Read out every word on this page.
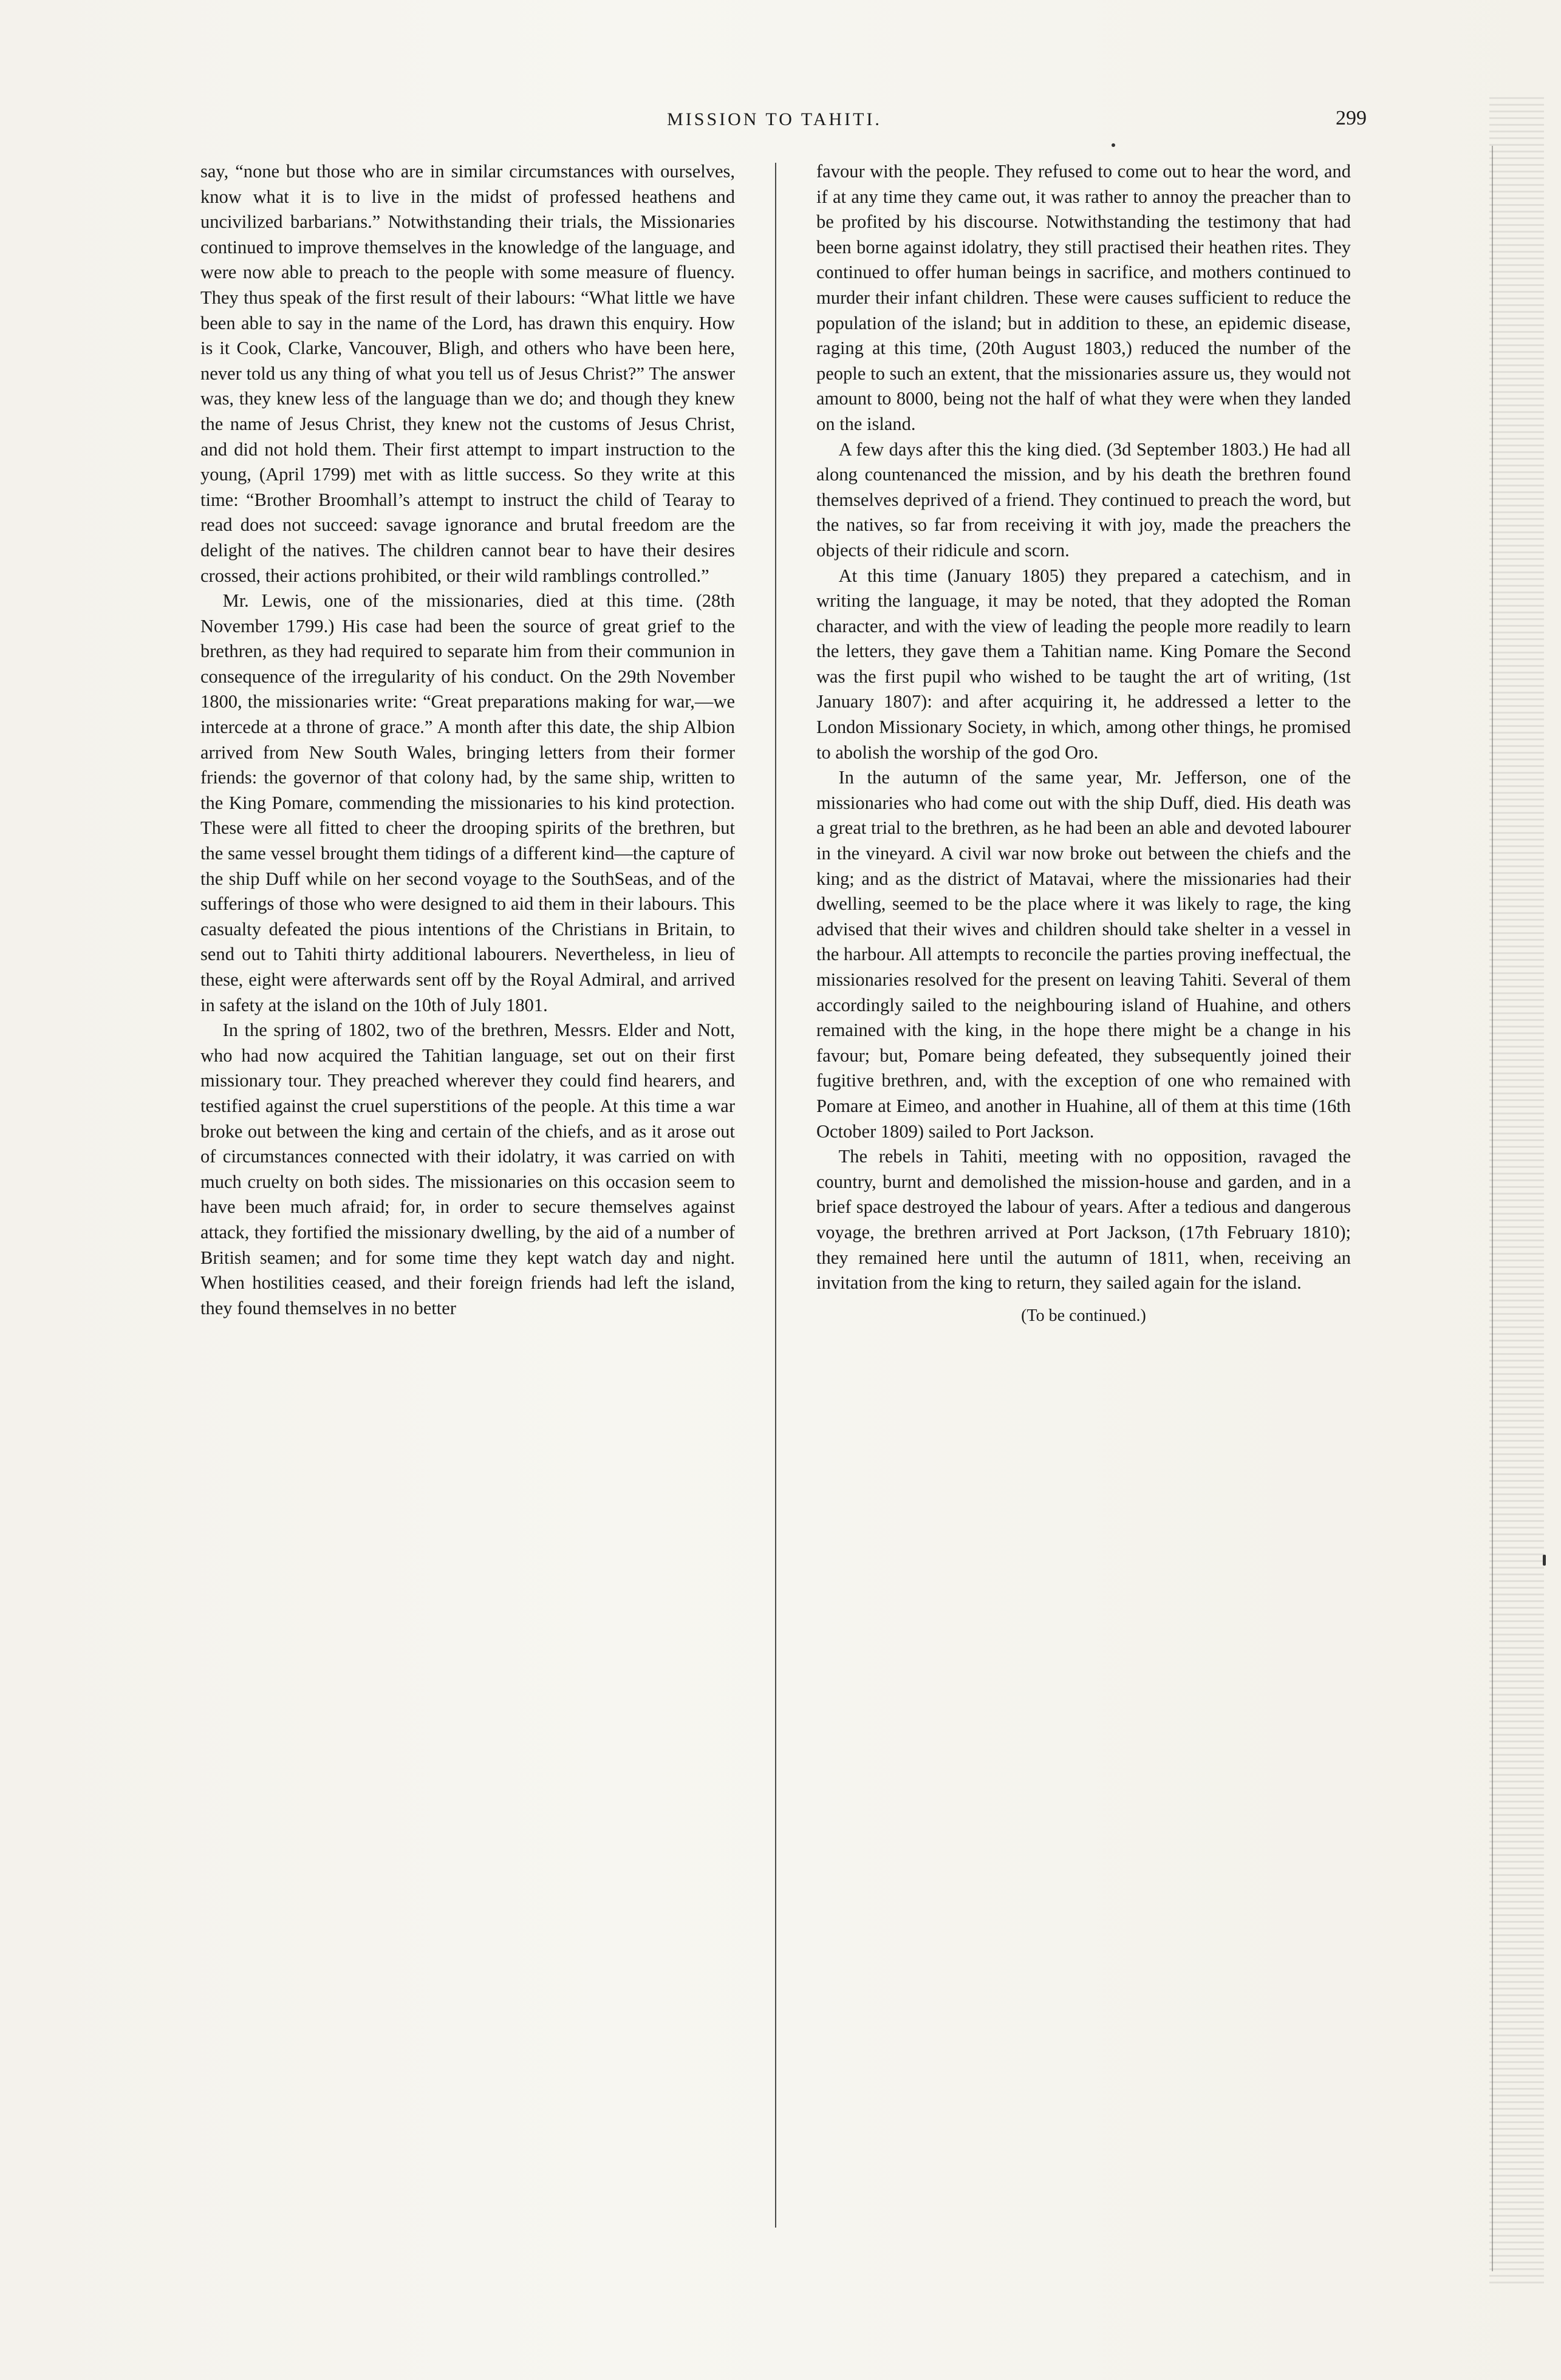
MISSION TO TAHITI.	299

say, “none but those who are in similar circumstances with ourselves, know what it is to live in the midst of professed heathens and uncivilized barbarians.” Notwithstanding their trials, the Missionaries continued to improve themselves in the knowledge of the language, and were now able to preach to the people with some measure of fluency. They thus speak of the first result of their labours: “What little we have been able to say in the name of the Lord, has drawn this enquiry. How is it Cook, Clarke, Vancouver, Bligh, and others who have been here, never told us any thing of what you tell us of Jesus Christ?” The answer was, they knew less of the language than we do; and though they knew the name of Jesus Christ, they knew not the customs of Jesus Christ, and did not hold them. Their first attempt to impart instruction to the young, (April 1799) met with as little success. So they write at this time: “Brother Broomhall’s attempt to instruct the child of Tearay to read does not succeed: savage ignorance and brutal freedom are the delight of the natives. The children cannot bear to have their desires crossed, their actions prohibited, or their wild ramblings controlled.”

Mr. Lewis, one of the missionaries, died at this time. (28th November 1799.) His case had been the source of great grief to the brethren, as they had required to separate him from their communion in consequence of the irregularity of his conduct. On the 29th November 1800, the missionaries write: “Great preparations making for war,—we intercede at a throne of grace.” A month after this date, the ship Albion arrived from New South Wales, bringing letters from their former friends: the governor of that colony had, by the same ship, written to the King Pomare, commending the missionaries to his kind protection. These were all fitted to cheer the drooping spirits of the brethren, but the same vessel brought them tidings of a different kind—the capture of the ship Duff while on her second voyage to the SouthSeas, and of the sufferings of those who were designed to aid them in their labours. This casualty defeated the pious intentions of the Christians in Britain, to send out to Tahiti thirty additional labourers. Nevertheless, in lieu of these, eight were afterwards sent off by the Royal Admiral, and arrived in safety at the island on the 10th of July 1801.

In the spring of 1802, two of the brethren, Messrs. Elder and Nott, who had now acquired the Tahitian language, set out on their first missionary tour. They preached wherever they could find hearers, and testified against the cruel superstitions of the people. At this time a war broke out between the king and certain of the chiefs, and as it arose out of circumstances connected with their idolatry, it was carried on with much cruelty on both sides. The missionaries on this occasion seem to have been much afraid; for, in order to secure themselves against attack, they fortified the missionary dwelling, by the aid of a number of British seamen; and for some time they kept watch day and night. When hostilities ceased, and their foreign friends had left the island, they found themselves in no better

favour with the people. They refused to come out to hear the word, and if at any time they came out, it was rather to annoy the preacher than to be profited by his discourse. Notwithstanding the testimony that had been borne against idolatry, they still practised their heathen rites. They continued to offer human beings in sacrifice, and mothers continued to murder their infant children. These were causes sufficient to reduce the population of the island; but in addition to these, an epidemic disease, raging at this time, (20th August 1803,) reduced the number of the people to such an extent, that the missionaries assure us, they would not amount to 8000, being not the half of what they were when they landed on the island.

A few days after this the king died. (3d September 1803.) He had all along countenanced the mission, and by his death the brethren found themselves deprived of a friend. They continued to preach the word, but the natives, so far from receiving it with joy, made the preachers the objects of their ridicule and scorn.

At this time (January 1805) they prepared a catechism, and in writing the language, it may be noted, that they adopted the Roman character, and with the view of leading the people more readily to learn the letters, they gave them a Tahitian name. King Pomare the Second was the first pupil who wished to be taught the art of writing, (1st January 1807): and after acquiring it, he addressed a letter to the London Missionary Society, in which, among other things, he promised to abolish the worship of the god Oro.

In the autumn of the same year, Mr. Jefferson, one of the missionaries who had come out with the ship Duff, died. His death was a great trial to the brethren, as he had been an able and devoted labourer in the vineyard. A civil war now broke out between the chiefs and the king; and as the district of Matavai, where the missionaries had their dwelling, seemed to be the place where it was likely to rage, the king advised that their wives and children should take shelter in a vessel in the harbour. All attempts to reconcile the parties proving ineffectual, the missionaries resolved for the present on leaving Tahiti. Several of them accordingly sailed to the neighbouring island of Huahine, and others remained with the king, in the hope there might be a change in his favour; but, Pomare being defeated, they subsequently joined their fugitive brethren, and, with the exception of one who remained with Pomare at Eimeo, and another in Huahine, all of them at this time (16th October 1809) sailed to Port Jackson.

The rebels in Tahiti, meeting with no opposition, ravaged the country, burnt and demolished the mission-house and garden, and in a brief space destroyed the labour of years. After a tedious and dangerous voyage, the brethren arrived at Port Jackson, (17th February 1810); they remained here until the autumn of 1811, when, receiving an invitation from the king to return, they sailed again for the island.

(To be continued.)
